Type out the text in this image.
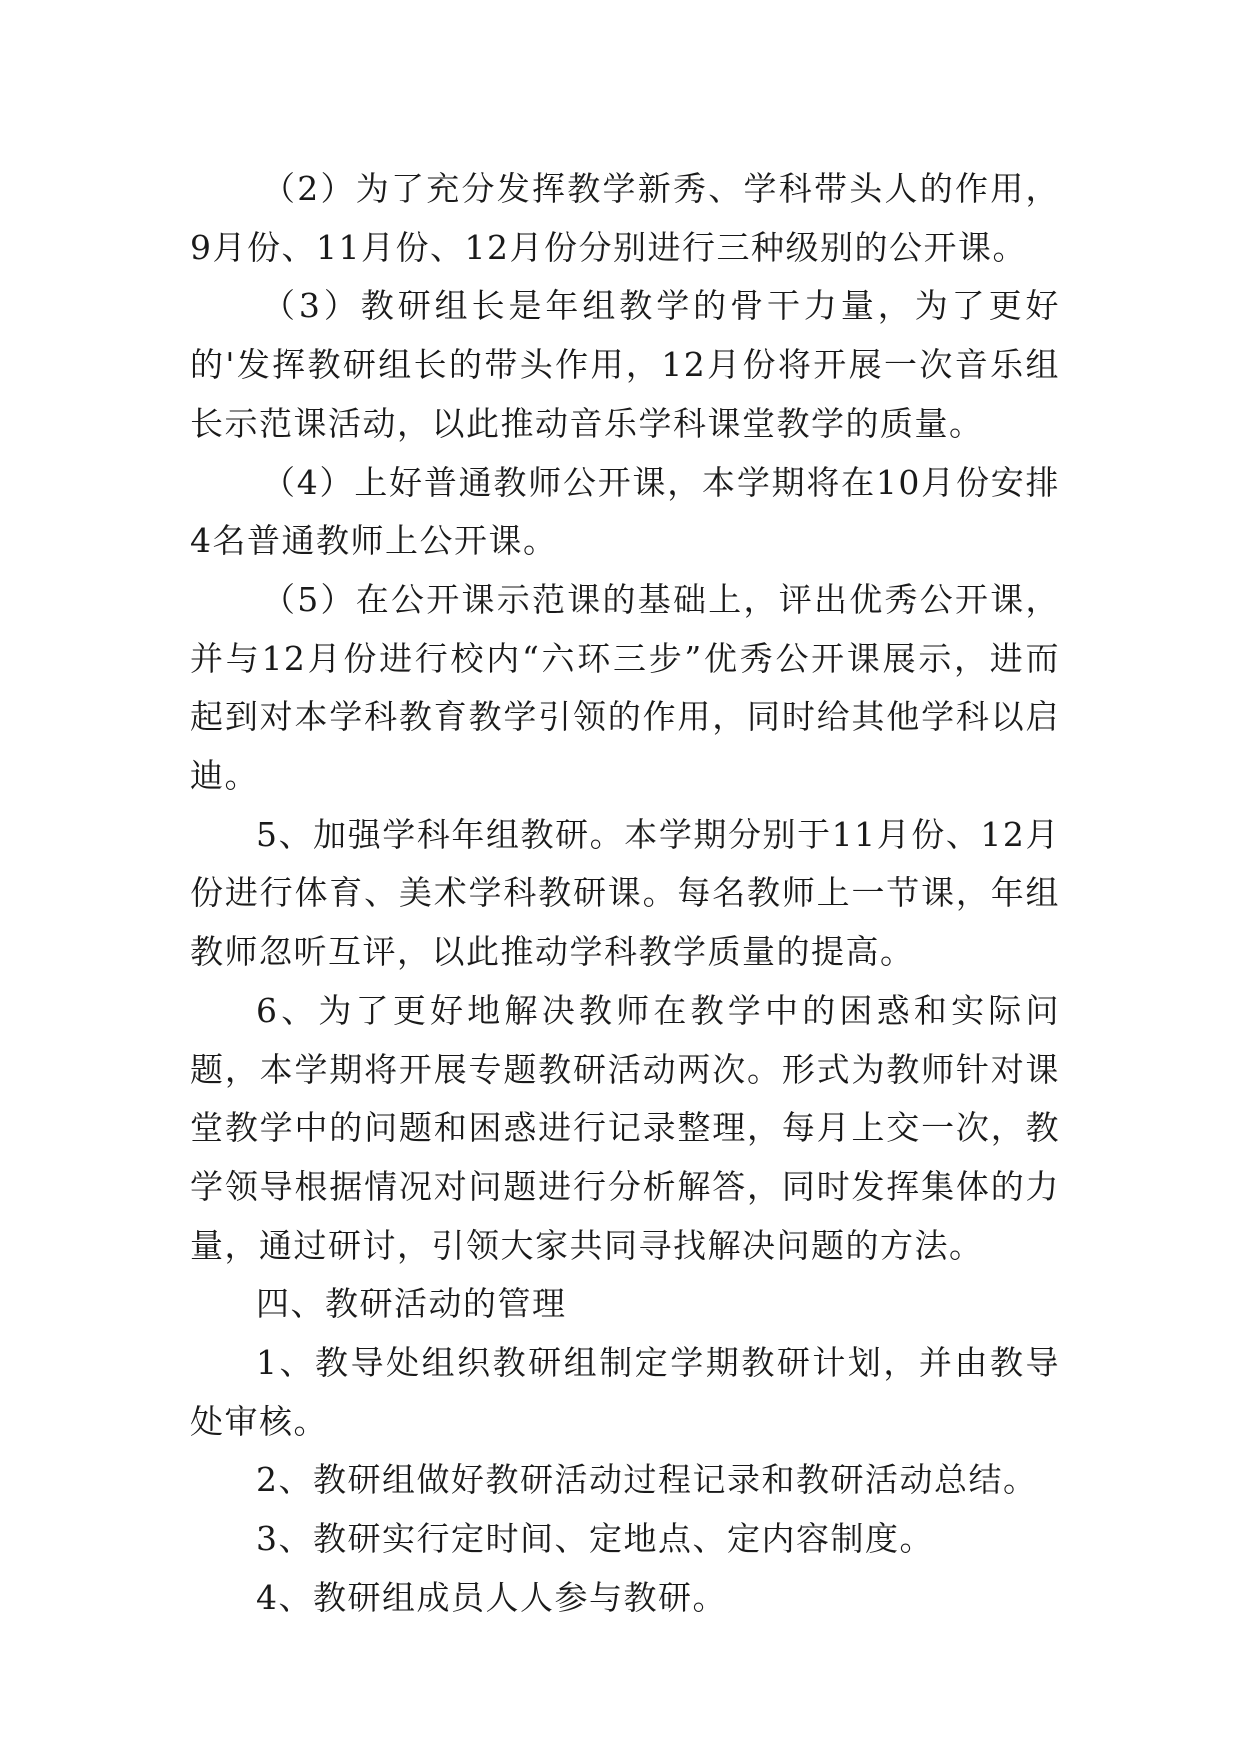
（2）为了充分发挥教学新秀、学科带头人的作用，9月份、11月份、12月份分别进行三种级别的公开课。

（3）教研组长是年组教学的骨干力量，为了更好的'发挥教研组长的带头作用，12月份将开展一次音乐组长示范课活动，以此推动音乐学科课堂教学的质量。

（4）上好普通教师公开课，本学期将在10月份安排4名普通教师上公开课。

（5）在公开课示范课的基础上，评出优秀公开课，并与12月份进行校内“六环三步”优秀公开课展示，进而起到对本学科教育教学引领的作用，同时给其他学科以启迪。

5、加强学科年组教研。本学期分别于11月份、12月份进行体育、美术学科教研课。每名教师上一节课，年组教师忽听互评，以此推动学科教学质量的提高。

6、为了更好地解决教师在教学中的困惑和实际问题，本学期将开展专题教研活动两次。形式为教师针对课堂教学中的问题和困惑进行记录整理，每月上交一次，教学领导根据情况对问题进行分析解答，同时发挥集体的力量，通过研讨，引领大家共同寻找解决问题的方法。

四、教研活动的管理

1、教导处组织教研组制定学期教研计划，并由教导处审核。

2、教研组做好教研活动过程记录和教研活动总结。

3、教研实行定时间、定地点、定内容制度。

4、教研组成员人人参与教研。
